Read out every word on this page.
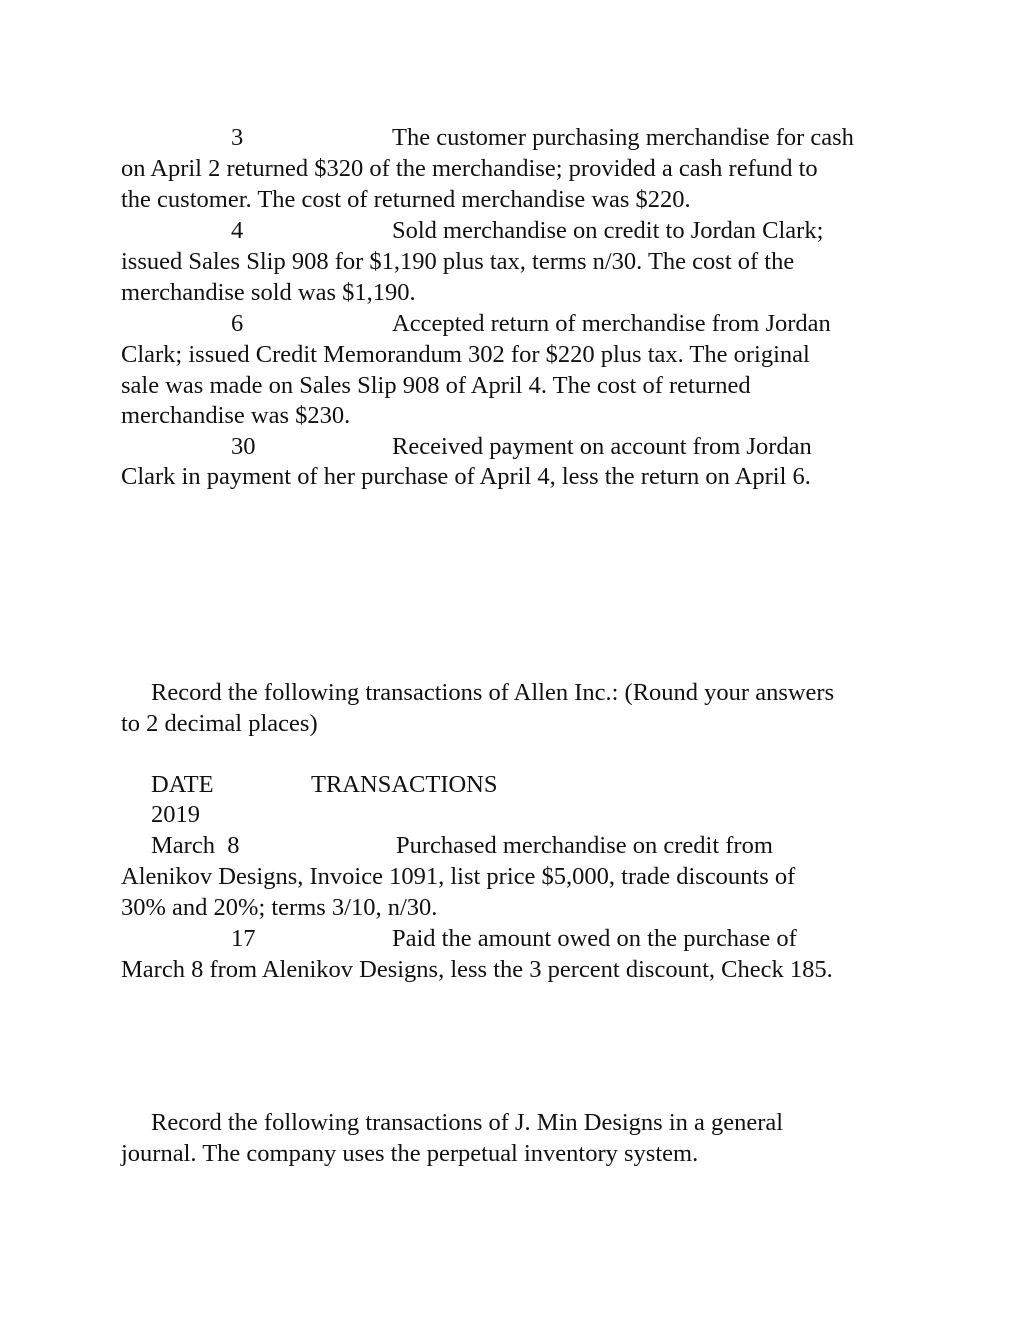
3	The customer purchasing merchandise for cash
on April 2 returned $320 of the merchandise; provided a cash refund to
the customer. The cost of returned merchandise was $220.
4	Sold merchandise on credit to Jordan Clark;
issued Sales Slip 908 for $1,190 plus tax, terms n/30. The cost of the
merchandise sold was $1,190.
6	Accepted return of merchandise from Jordan
Clark; issued Credit Memorandum 302 for $220 plus tax. The original
sale was made on Sales Slip 908 of April 4. The cost of returned
merchandise was $230.
30	Received payment on account from Jordan
Clark in payment of her purchase of April 4, less the return on April 6.
Record the following transactions of Allen Inc.: (Round your answers
to 2 decimal places)
DATE	TRANSACTIONS
2019
March  8	Purchased merchandise on credit from
Alenikov Designs, Invoice 1091, list price $5,000, trade discounts of
30% and 20%; terms 3/10, n/30.
17	Paid the amount owed on the purchase of
March 8 from Alenikov Designs, less the 3 percent discount, Check 185.
Record the following transactions of J. Min Designs in a general
journal. The company uses the perpetual inventory system.
